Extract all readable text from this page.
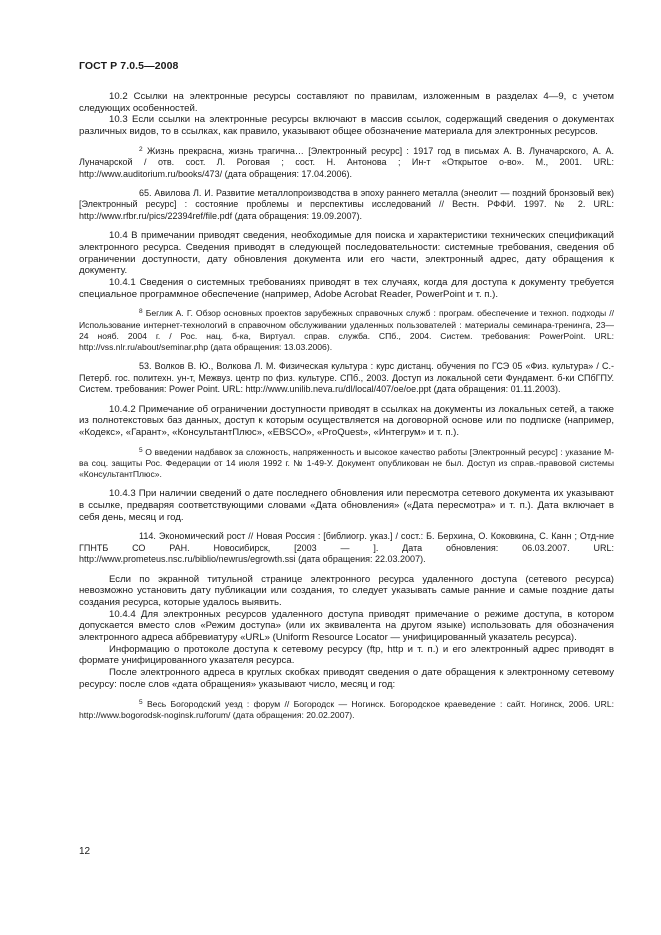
ГОСТ Р 7.0.5—2008

10.2 Ссылки на электронные ресурсы составляют по правилам, изложенным в разделах 4—9, с учетом следующих особенностей.

10.3 Если ссылки на электронные ресурсы включают в массив ссылок, содержащий сведения о документах различных видов, то в ссылках, как правило, указывают общее обозначение материала для электронных ресурсов.

$^2$ Жизнь прекрасна, жизнь трагична… [Электронный ресурс] : 1917 год в письмах А. В. Луначарского, А. А. Луначарской / отв. сост. Л. Роговая ; сост. Н. Антонова ; Ин-т «Открытое о-во». М., 2001. URL: http://www.auditorium.ru/books/473/ (дата обращения: 17.04.2006).

65. Авилова Л. И. Развитие металлопроизводства в эпоху раннего металла (энеолит — поздний бронзовый век) [Электронный ресурс] : состояние проблемы и перспективы исследований // Вестн. РФФИ. 1997. № 2. URL: http://www.rfbr.ru/pics/22394ref/file.pdf (дата обращения: 19.09.2007).

10.4 В примечании приводят сведения, необходимые для поиска и характеристики технических спецификаций электронного ресурса. Сведения приводят в следующей последовательности: системные требования, сведения об ограничении доступности, дату обновления документа или его части, электронный адрес, дату обращения к документу.

10.4.1 Сведения о системных требованиях приводят в тех случаях, когда для доступа к документу требуется специальное программное обеспечение (например, Adobe Acrobat Reader, PowerPoint и т. п.).

$^8$ Беглик А. Г. Обзор основных проектов зарубежных справочных служб : програм. обеспечение и техноп. подходы // Использование интернет-технологий в справочном обслуживании удаленных пользователей : материалы семинара-тренинга, 23—24 нояб. 2004 г. / Рос. нац. б-ка, Виртуал. справ. служба. СПб., 2004. Систем. требования: PowerPoint. URL: http://vss.nlr.ru/about/seminar.php (дата обращения: 13.03.2006).

53. Волков В. Ю., Волкова Л. М. Физическая культура : курс дистанц. обучения по ГСЭ 05 «Физ. культура» / С.-Петерб. гос. политехн. ун-т, Межвуз. центр по физ. культуре. СПб., 2003. Доступ из локальной сети Фундамент. б-ки СПбГПУ. Систем. требования: Power Point. URL: http://www.unilib.neva.ru/dl/local/407/oe/oe.ppt (дата обращения: 01.11.2003).

10.4.2 Примечание об ограничении доступности приводят в ссылках на документы из локальных сетей, а также из полнотекстовых баз данных, доступ к которым осуществляется на договорной основе или по подписке (например, «Кодекс», «Гарант», «КонсультантПлюс», «EBSCO», «ProQuest», «Интегрум» и т. п.).

$^5$ О введении надбавок за сложность, напряженность и высокое качество работы [Электронный ресурс] : указание М-ва соц. защиты Рос. Федерации от 14 июля 1992 г. № 1-49-У. Документ опубликован не был. Доступ из справ.-правовой системы «КонсультантПлюс».

10.4.3 При наличии сведений о дате последнего обновления или пересмотра сетевого документа их указывают в ссылке, предваряя соответствующими словами «Дата обновления» («Дата пересмотра» и т. п.). Дата включает в себя день, месяц и год.

114. Экономический рост // Новая Россия : [библиогр. указ.] / сост.: Б. Берхина, О. Коковкина, С. Канн ; Отд-ние ГПНТБ СО РАН. Новосибирск, [2003 — ]. Дата обновления: 06.03.2007. URL: http://www.prometeus.nsc.ru/biblio/newrus/egrowth.ssi (дата обращения: 22.03.2007).

Если по экранной титульной странице электронного ресурса удаленного доступа (сетевого ресурса) невозможно установить дату публикации или создания, то следует указывать самые ранние и самые поздние даты создания ресурса, которые удалось выявить.

10.4.4 Для электронных ресурсов удаленного доступа приводят примечание о режиме доступа, в котором допускается вместо слов «Режим доступа» (или их эквивалента на другом языке) использовать для обозначения электронного адреса аббревиатуру «URL» (Uniform Resource Locator — унифицированный указатель ресурса).

Информацию о протоколе доступа к сетевому ресурсу (ftp, http и т. п.) и его электронный адрес приводят в формате унифицированного указателя ресурса.

После электронного адреса в круглых скобках приводят сведения о дате обращения к электронному сетевому ресурсу: после слов «дата обращения» указывают число, месяц и год:

$^5$ Весь Богородский уезд : форум // Богородск — Ногинск. Богородское краеведение : сайт. Ногинск, 2006. URL: http://www.bogorodsk-noginsk.ru/forum/ (дата обращения: 20.02.2007).

12
